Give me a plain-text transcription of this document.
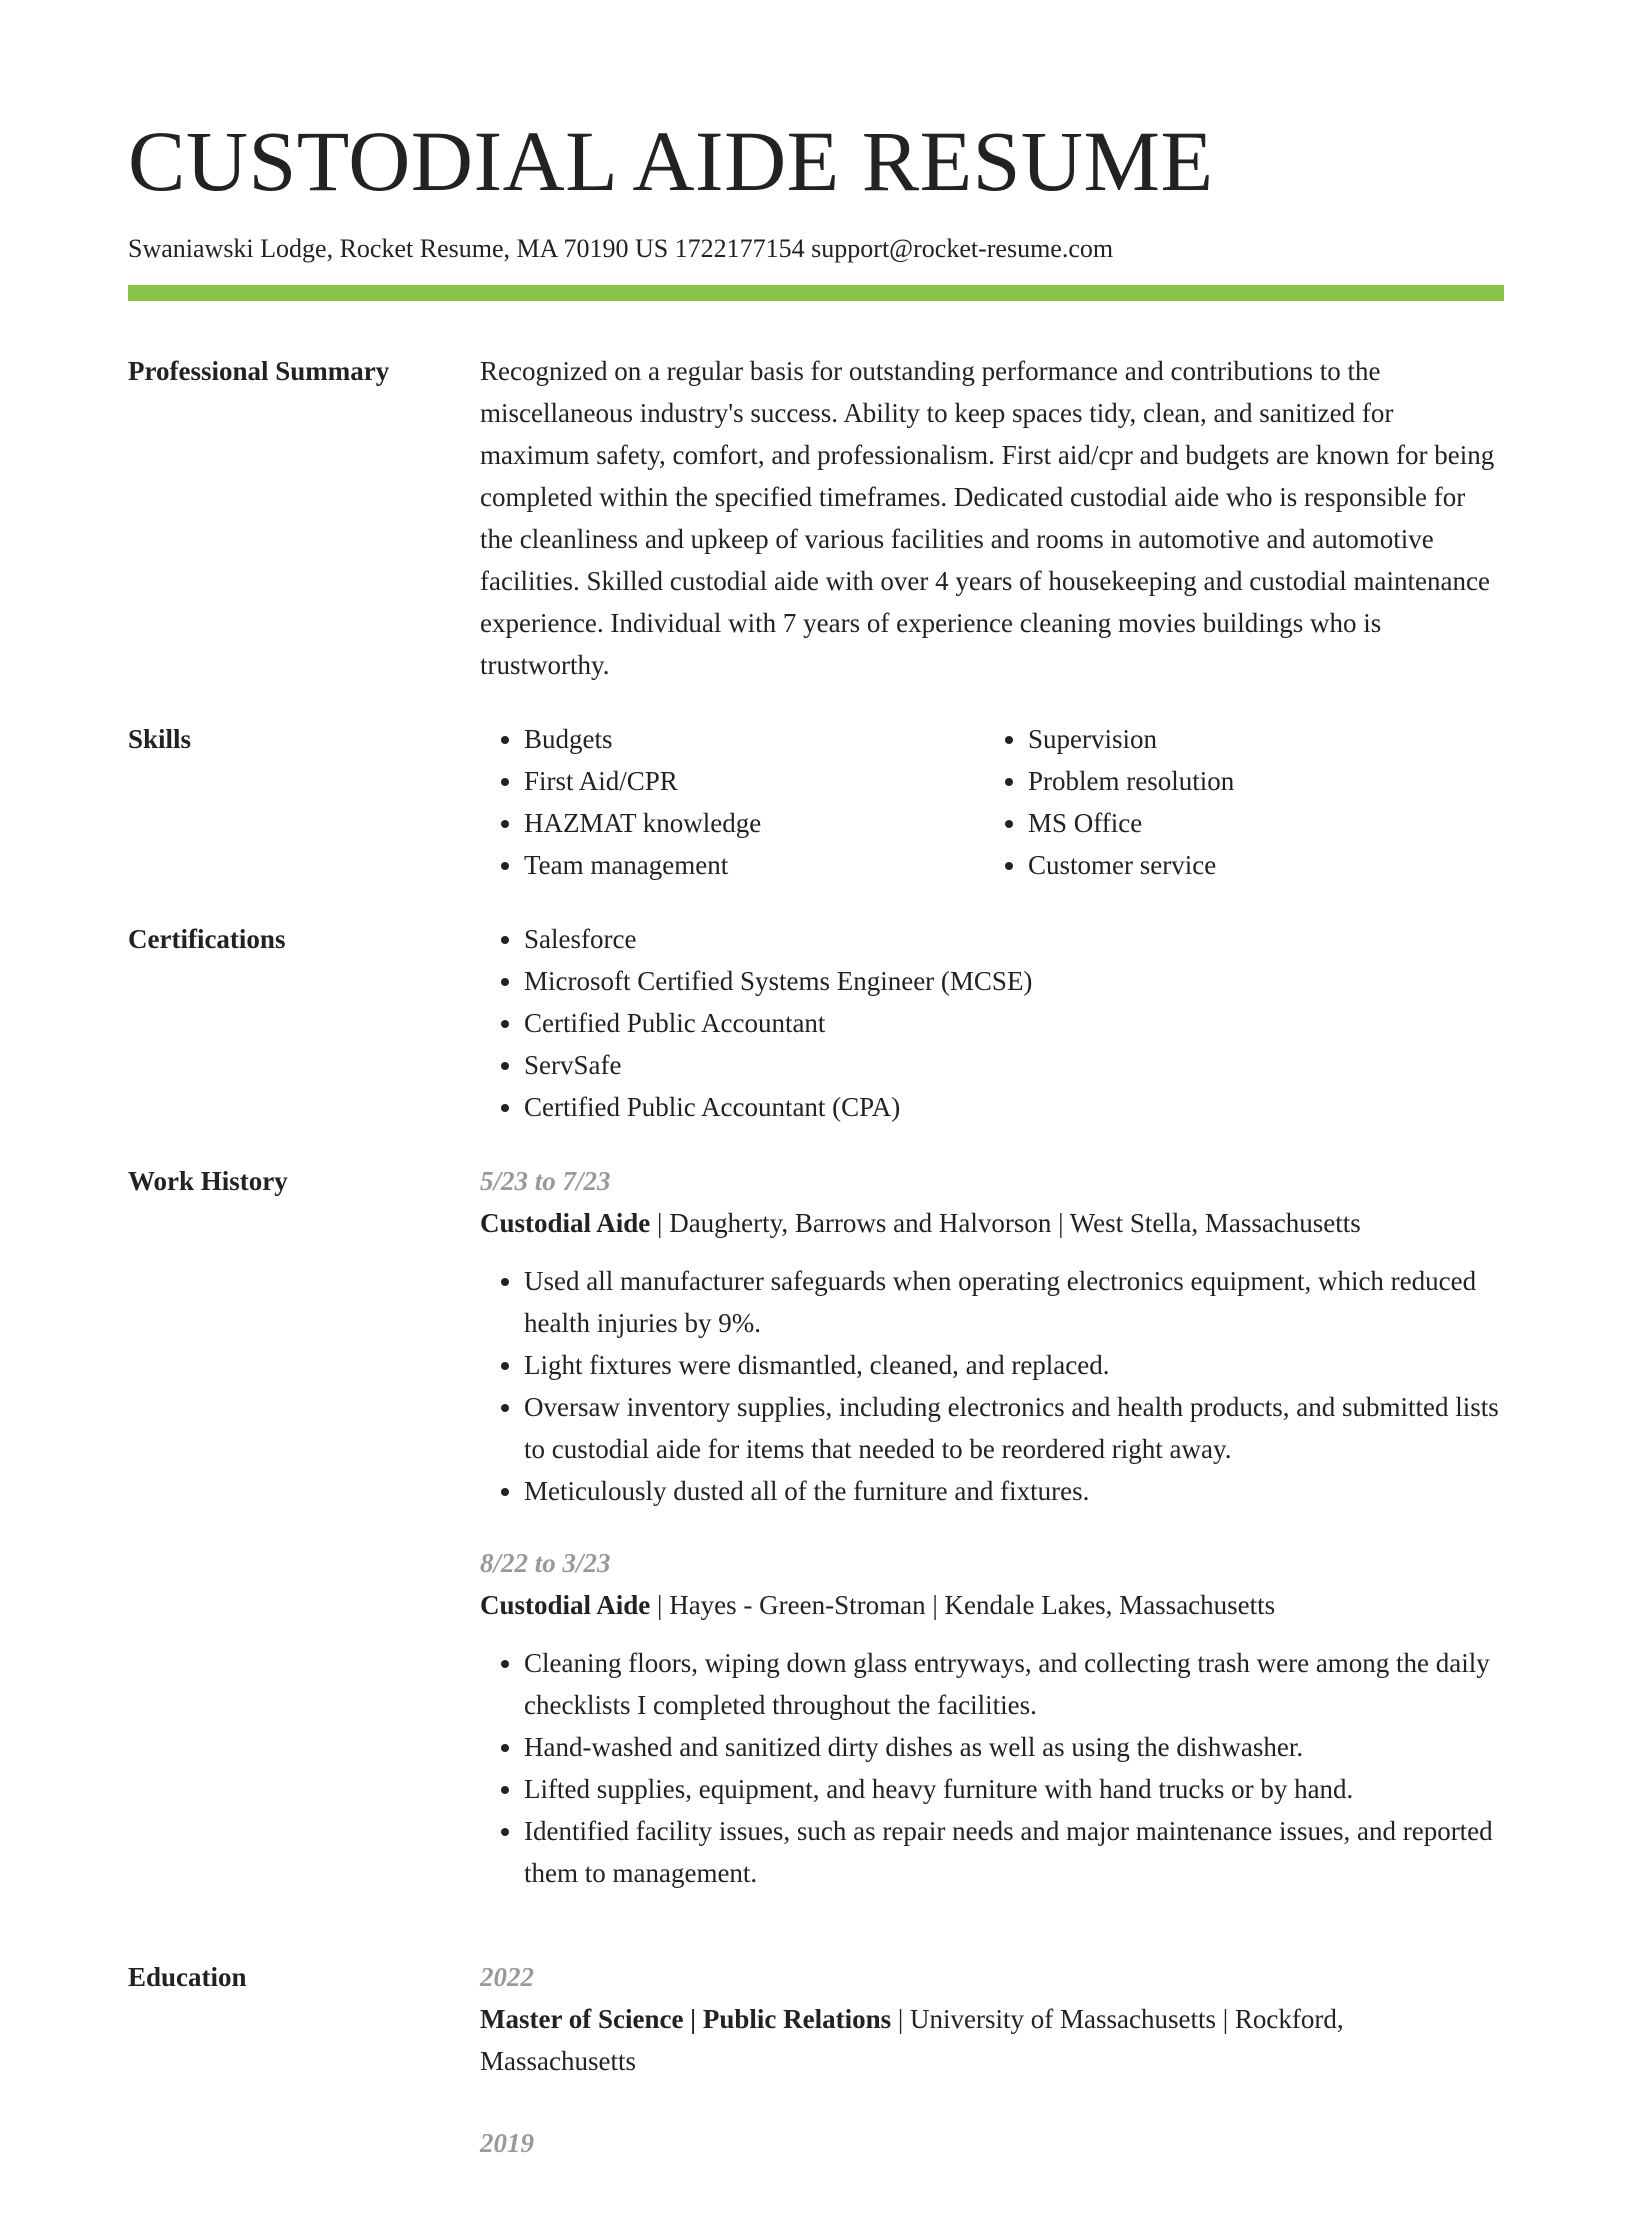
CUSTODIAL AIDE RESUME
Swaniawski Lodge, Rocket Resume, MA 70190 US 1722177154 support@rocket-resume.com
Professional Summary	Recognized on a regular basis for outstanding performance and contributions to the miscellaneous industry's success. Ability to keep spaces tidy, clean, and sanitized for maximum safety, comfort, and professionalism. First aid/cpr and budgets are known for being completed within the specified timeframes. Dedicated custodial aide who is responsible for the cleanliness and upkeep of various facilities and rooms in automotive and automotive facilities. Skilled custodial aide with over 4 years of housekeeping and custodial maintenance experience. Individual with 7 years of experience cleaning movies buildings who is trustworthy.

Skills	• Budgets
• First Aid/CPR
• HAZMAT knowledge
• Team management
• Supervision
• Problem resolution
• MS Office
• Customer service
Certifications	• Salesforce
• Microsoft Certified Systems Engineer (MCSE)
• Certified Public Accountant
• ServSafe
• Certified Public Accountant (CPA)
Work History	5/23 to 7/23
Custodial Aide | Daugherty, Barrows and Halvorson | West Stella, Massachusetts
• Used all manufacturer safeguards when operating electronics equipment, which reduced health injuries by 9%.
• Light fixtures were dismantled, cleaned, and replaced.
• Oversaw inventory supplies, including electronics and health products, and submitted lists to custodial aide for items that needed to be reordered right away.
• Meticulously dusted all of the furniture and fixtures.
8/22 to 3/23
Custodial Aide | Hayes - Green-Stroman | Kendale Lakes, Massachusetts
• Cleaning floors, wiping down glass entryways, and collecting trash were among the daily checklists I completed throughout the facilities.
• Hand-washed and sanitized dirty dishes as well as using the dishwasher.
• Lifted supplies, equipment, and heavy furniture with hand trucks or by hand.
• Identified facility issues, such as repair needs and major maintenance issues, and reported them to management.
Education	2022
Master of Science | Public Relations | University of Massachusetts | Rockford, Massachusetts
2019
